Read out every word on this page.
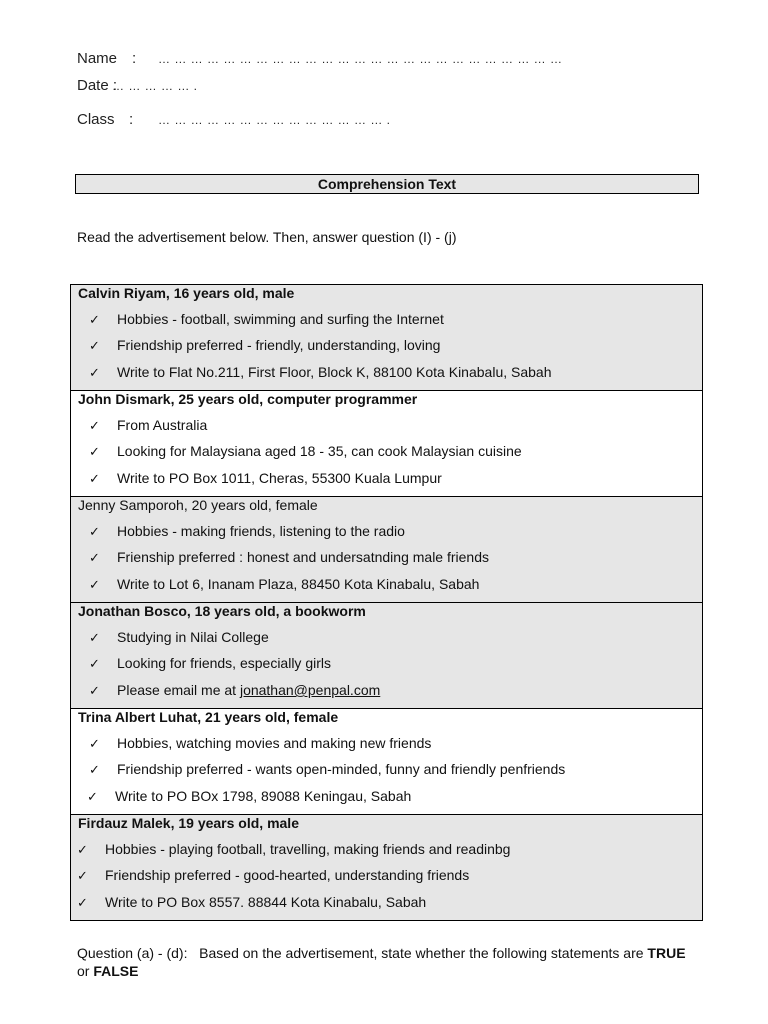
Name : … … … … … … … … … … … … … … … … … … … … … … … … …
Date :… … … … … .
Class : … … … … … … … … … … … … … … .
Comprehension Text
Read the advertisement below. Then, answer question (I) - (j)
Calvin Riyam, 16 years old, male
✓ Hobbies - football, swimming and surfing the Internet
✓ Friendship preferred - friendly, understanding, loving
✓ Write to Flat No.211, First Floor, Block K, 88100 Kota Kinabalu, Sabah
John Dismark, 25 years old, computer programmer
✓ From Australia
✓ Looking for Malaysiana aged 18 - 35, can cook Malaysian cuisine
✓ Write to PO Box 1011, Cheras, 55300 Kuala Lumpur
Jenny Samporoh, 20 years old, female
✓ Hobbies - making friends, listening to the radio
✓ Frienship preferred : honest and undersatnding male friends
✓ Write to Lot 6, Inanam Plaza, 88450 Kota Kinabalu, Sabah
Jonathan Bosco, 18 years old, a bookworm
✓ Studying in Nilai College
✓ Looking for friends, especially girls
✓ Please email me at jonathan@penpal.com
Trina Albert Luhat, 21 years old, female
✓ Hobbies, watching movies and making new friends
✓ Friendship preferred - wants open-minded, funny and friendly penfriends
✓ Write to PO BOx 1798, 89088 Keningau, Sabah
Firdauz Malek, 19 years old, male
✓ Hobbies - playing football, travelling, making friends and readinbg
✓ Friendship preferred - good-hearted, understanding friends
✓ Write to PO Box 8557. 88844 Kota Kinabalu, Sabah
Question (a) - (d): Based on the advertisement, state whether the following statements are TRUE
or FALSE
